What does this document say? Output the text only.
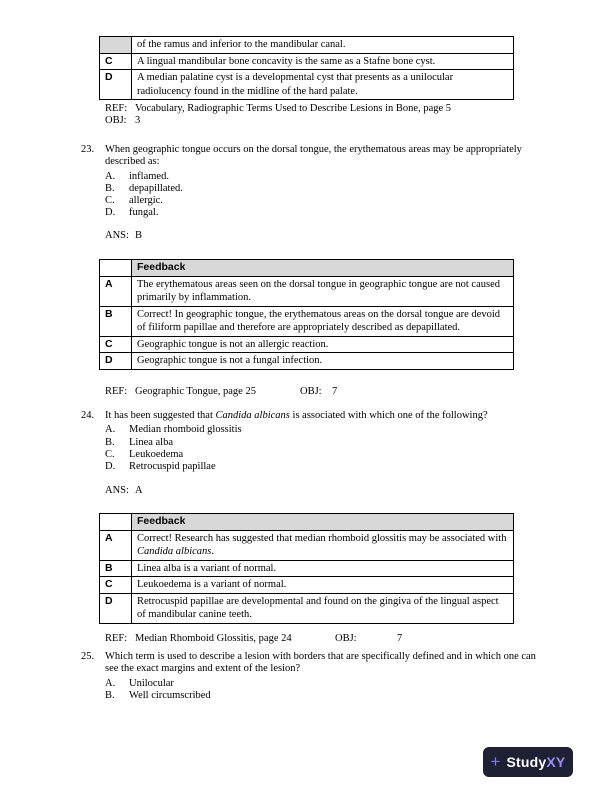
	of the ramus and inferior to the mandibular canal.
C	A lingual mandibular bone concavity is the same as a Stafne bone cyst.
D	A median palatine cyst is a developmental cyst that presents as a unilocular radiolucency found in the midline of the hard palate.
REF: Vocabulary, Radiographic Terms Used to Describe Lesions in Bone, page 5
OBJ: 3
23. When geographic tongue occurs on the dorsal tongue, the erythematous areas may be appropriately described as:
A. inflamed.
B. depapillated.
C. allergic.
D. fungal.
ANS: B
	Feedback
A	The erythematous areas seen on the dorsal tongue in geographic tongue are not caused primarily by inflammation.
B	Correct! In geographic tongue, the erythematous areas on the dorsal tongue are devoid of filiform papillae and therefore are appropriately described as depapillated.
C	Geographic tongue is not an allergic reaction.
D	Geographic tongue is not a fungal infection.
REF: Geographic Tongue, page 25	OBJ: 7
24. It has been suggested that Candida albicans is associated with which one of the following?
A. Median rhomboid glossitis
B. Linea alba
C. Leukoedema
D. Retrocuspid papillae
ANS: A
	Feedback
A	Correct! Research has suggested that median rhomboid glossitis may be associated with Candida albicans.
B	Linea alba is a variant of normal.
C	Leukoedema is a variant of normal.
D	Retrocuspid papillae are developmental and found on the gingiva of the lingual aspect of mandibular canine teeth.
REF: Median Rhomboid Glossitis, page 24	OBJ:	7
25. Which term is used to describe a lesion with borders that are specifically defined and in which one can see the exact margins and extent of the lesion?
A. Unilocular
B. Well circumscribed
+ StudyXY
